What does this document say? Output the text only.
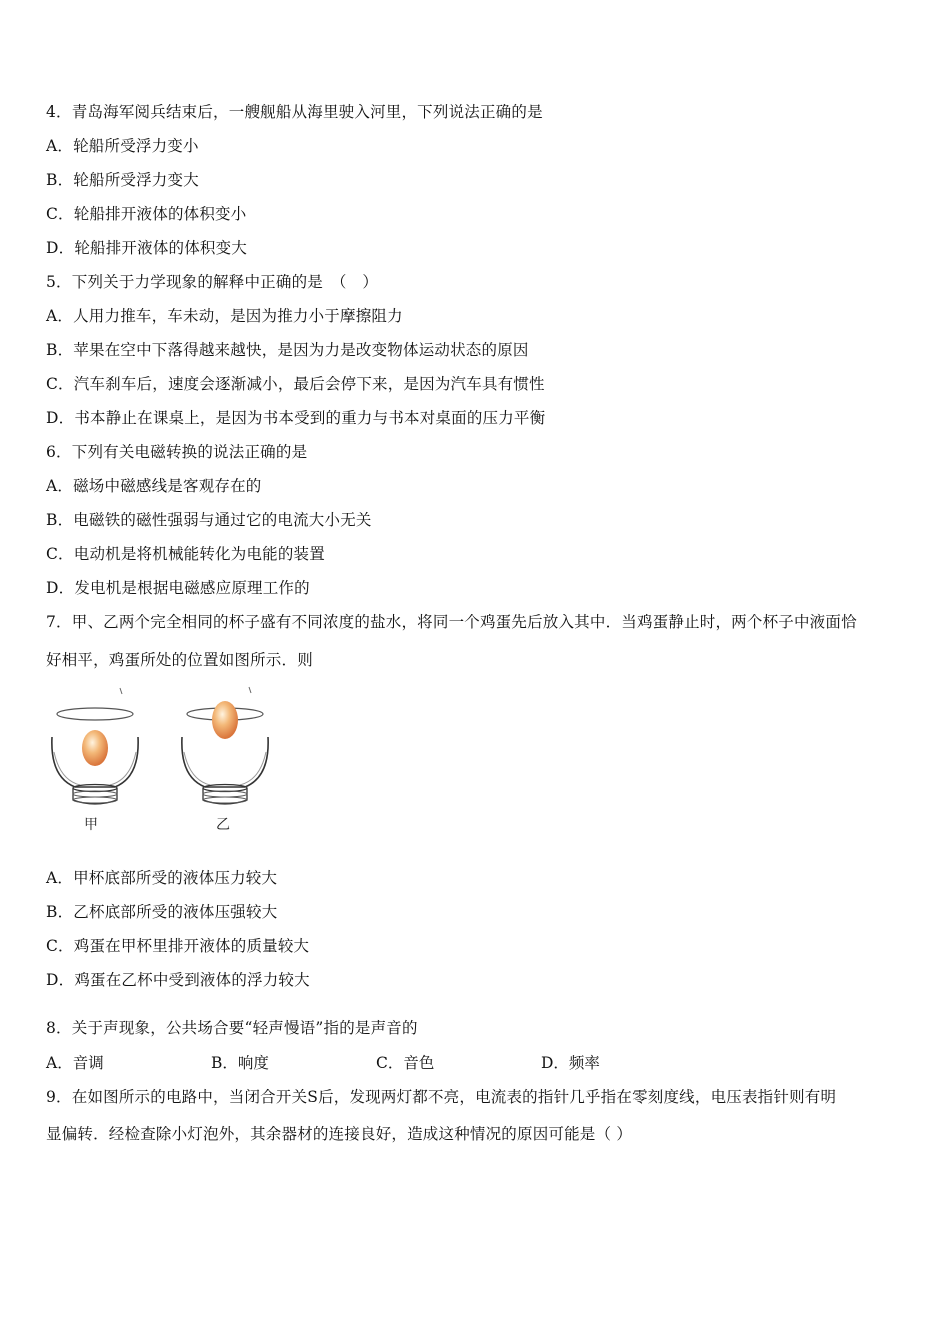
4．青岛海军阅兵结束后，一艘舰船从海里驶入河里，下列说法正确的是
A．轮船所受浮力变小
B．轮船所受浮力变大
C．轮船排开液体的体积变小
D．轮船排开液体的体积变大
5．下列关于力学现象的解释中正确的是　（　）
A．人用力推车，车未动，是因为推力小于摩擦阻力
B．苹果在空中下落得越来越快，是因为力是改变物体运动状态的原因
C．汽车刹车后，速度会逐渐减小，最后会停下来，是因为汽车具有惯性
D．书本静止在课桌上，是因为书本受到的重力与书本对桌面的压力平衡
6．下列有关电磁转换的说法正确的是
A．磁场中磁感线是客观存在的
B．电磁铁的磁性强弱与通过它的电流大小无关
C．电动机是将机械能转化为电能的装置
D．发电机是根据电磁感应原理工作的
7．甲、乙两个完全相同的杯子盛有不同浓度的盐水，将同一个鸡蛋先后放入其中．当鸡蛋静止时，两个杯子中液面恰
好相平，鸡蛋所处的位置如图所示．则
甲	乙
A．甲杯底部所受的液体压力较大
B．乙杯底部所受的液体压强较大
C．鸡蛋在甲杯里排开液体的质量较大
D．鸡蛋在乙杯中受到液体的浮力较大
8．关于声现象，公共场合要“轻声慢语”指的是声音的
A．音调	B．响度	C．音色	D．频率
9．在如图所示的电路中，当闭合开关S后，发现两灯都不亮，电流表的指针几乎指在零刻度线，电压表指针则有明
显偏转．经检查除小灯泡外，其余器材的连接良好，造成这种情况的原因可能是（ ）
